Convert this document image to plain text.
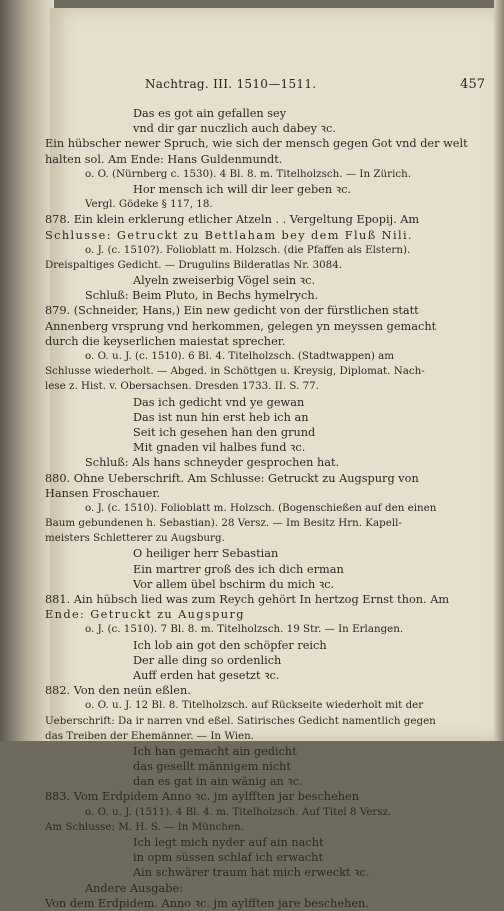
Nachtrag. III. 1510—1511.	457
Das es got ain gefallen sey
vnd dir gar nuczlich auch dabey ꝛc.
Ein hübscher newer Spruch, wie sich der mensch gegen Got vnd der welt
halten sol. Am Ende: Hans Guldenmundt.
o. O. (Nürnberg c. 1530). 4 Bl. 8. m. Titelholzsch. — In Zürich.
Hor mensch ich will dir leer geben ꝛc.
Vergl. Gödeke § 117, 18.
878. Ein klein erklerung etlicher Atzeln . . Vergeltung Epopij. Am
Schlusse: Getruckt zu Bettlaham bey dem Fluß Nili.
o. J. (c. 1510?). Folioblatt m. Holzsch. (die Pfaffen als Elstern).
Dreispaltiges Gedicht. — Drugulins Bilderatlas Nr. 3084.
Alyeln zweiserbig Vögel sein ꝛc.
Schluß: Beim Pluto, in Bechs hymelrych.
879. (Schneider, Hans,) Ein new gedicht von der fürstlichen statt
Annenberg vrsprung vnd herkommen, gelegen yn meyssen gemacht
durch die keyserlichen maiestat sprecher.
o. O. u. J. (c. 1510). 6 Bl. 4. Titelholzsch. (Stadtwappen) am
Schlusse wiederholt. — Abged. in Schöttgen u. Kreysig, Diplomat. Nach-
lese z. Hist. v. Obersachsen. Dresden 1733. II. S. 77.
Das ich gedicht vnd ye gewan
Das ist nun hin erst heb ich an
Seit ich gesehen han den grund
Mit gnaden vil halbes fund ꝛc.
Schluß: Als hans schneyder gesprochen hat.
880. Ohne Ueberschrift. Am Schlusse: Getruckt zu Augspurg von
Hansen Froschauer.
o. J. (c. 1510). Folioblatt m. Holzsch. (Bogenschießen auf den einen
Baum gebundenen h. Sebastian). 28 Versz. — Im Besitz Hrn. Kapell-
meisters Schletterer zu Augsburg.
O heiliger herr Sebastian
Ein martrer groß des ich dich erman
Vor allem übel bschirm du mich ꝛc.
881. Ain hübsch lied was zum Reych gehört In hertzog Ernst thon. Am
Ende: Getruckt zu Augspurg
o. J. (c. 1510). 7 Bl. 8. m. Titelholzsch. 19 Str. — In Erlangen.
Ich lob ain got den schöpfer reich
Der alle ding so ordenlich
Auff erden hat gesetzt ꝛc.
882. Von den neün eßlen.
o. O. u. J. 12 Bl. 8. Titelholzsch. auf Rückseite wiederholt mit der
Ueberschrift: Da ir narren vnd eßel. Satirisches Gedicht namentlich gegen
das Treiben der Ehemänner. — In Wien.
Ich han gemacht ain gedicht
das gesellt männigem nicht
dan es gat in ain wänig an ꝛc.
883. Vom Erdpidem Anno ꝛc. jm aylfften jar beschehen
o. O. u. J. (1511). 4 Bl. 4. m. Titelholzsch. Auf Titel 8 Versz.
Am Schlusse: M. H. S. — In München.
Ich legt mich nyder auf ain nacht
in opm süssen schlaf ich erwacht
Ain schwärer traum hat mich erweckt ꝛc.
Andere Ausgabe:
Von dem Erdpidem. Anno ꝛc. jm aylfften jare beschehen.
